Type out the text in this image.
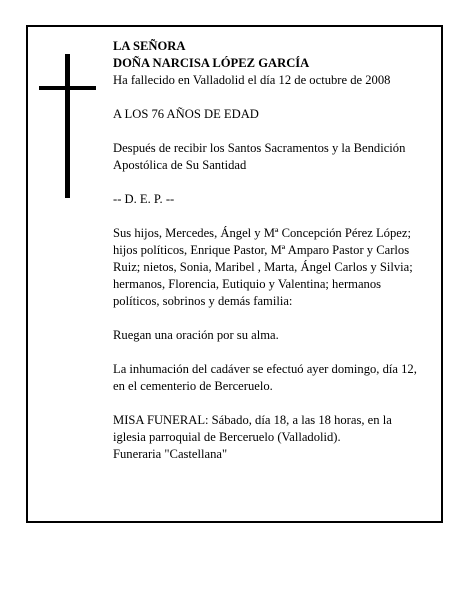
LA SEÑORA
DOÑA NARCISA LÓPEZ GARCÍA
Ha fallecido en Valladolid el día 12 de octubre de 2008

A LOS 76 AÑOS DE EDAD

Después de recibir los Santos Sacramentos y la Bendición Apostólica de Su Santidad

-- D. E. P. --

Sus hijos, Mercedes, Ángel y Mª Concepción Pérez López; hijos políticos, Enrique Pastor, Mª Amparo Pastor y Carlos Ruiz; nietos, Sonia, Maribel , Marta, Ángel Carlos y Silvia; hermanos, Florencia, Eutiquio y Valentina; hermanos políticos, sobrinos y demás familia:

Ruegan una oración por su alma.

La inhumación del cadáver se efectuó ayer domingo, día 12, en el cementerio de Berceruelo.

MISA FUNERAL: Sábado, día 18, a las 18 horas, en la iglesia parroquial de Berceruelo (Valladolid).
Funeraria "Castellana"
